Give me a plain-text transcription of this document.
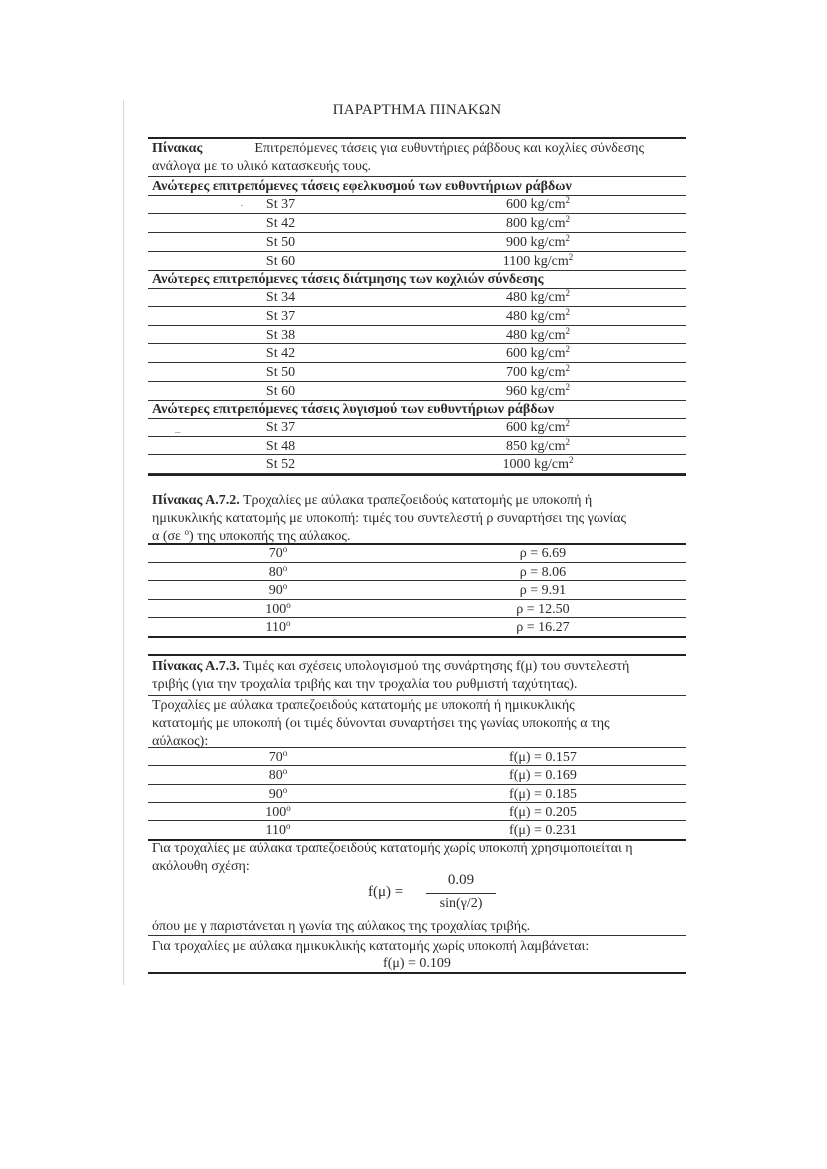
ΠΑΡΑΡΤΗΜΑ ΠΙΝΑΚΩΝ
Πίνακας	Επιτρεπόμενες τάσεις για ευθυντήριες ράβδους και κοχλίες σύνδεσης
ανάλογα με το υλικό κατασκευής τους.
Ανώτερες επιτρεπόμενες τάσεις εφελκυσμού των ευθυντήριων ράβδων
St 37	600 $kg/cm^2$
St 42	800 $kg/cm^2$
St 50	900 $kg/cm^2$
St 60	1100 $kg/cm^2$
Ανώτερες επιτρεπόμενες τάσεις διάτμησης των κοχλιών σύνδεσης
St 34	480 $kg/cm^2$
St 37	480 $kg/cm^2$
St 38	480 $kg/cm^2$
St 42	600 $kg/cm^2$
St 50	700 $kg/cm^2$
St 60	960 $kg/cm^2$
Ανώτερες επιτρεπόμενες τάσεις λυγισμού των ευθυντήριων ράβδων
St 37	600 $kg/cm^2$
St 48	850 $kg/cm^2$
St 52	1000 $kg/cm^2$
Πίνακας Α.7.2. Τροχαλίες με αύλακα τραπεζοειδούς κατατομής με υποκοπή ή
ημικυκλικής κατατομής με υποκοπή: τιμές του συντελεστή ρ συναρτήσει της γωνίας
α (σε $^o$) της υποκοπής της αύλακος.
70$^o$	ρ = 6.69
80$^o$	ρ = 8.06
90$^o$	ρ = 9.91
100$^o$	ρ = 12.50
110$^o$	ρ = 16.27
Πίνακας Α.7.3. Τιμές και σχέσεις υπολογισμού της συνάρτησης f(μ) του συντελεστή
τριβής (για την τροχαλία τριβής και την τροχαλία του ρυθμιστή ταχύτητας).
Τροχαλίες με αύλακα τραπεζοειδούς κατατομής με υποκοπή ή ημικυκλικής
κατατομής με υποκοπή (οι τιμές δύνονται συναρτήσει της γωνίας υποκοπής α της
αύλακος):
70$^o$	f(μ) = 0.157
80$^o$	f(μ) = 0.169
90$^o$	f(μ) = 0.185
100$^o$	f(μ) = 0.205
110$^o$	f(μ) = 0.231
Για τροχαλίες με αύλακα τραπεζοειδούς κατατομής χωρίς υποκοπή χρησιμοποιείται η
ακόλουθη σχέση:
f(μ) =
0.09
sin(γ/2)
όπου με γ παριστάνεται η γωνία της αύλακος της τροχαλίας τριβής.
Για τροχαλίες με αύλακα ημικυκλικής κατατομής χωρίς υποκοπή λαμβάνεται:
f(μ) = 0.109
·
–
